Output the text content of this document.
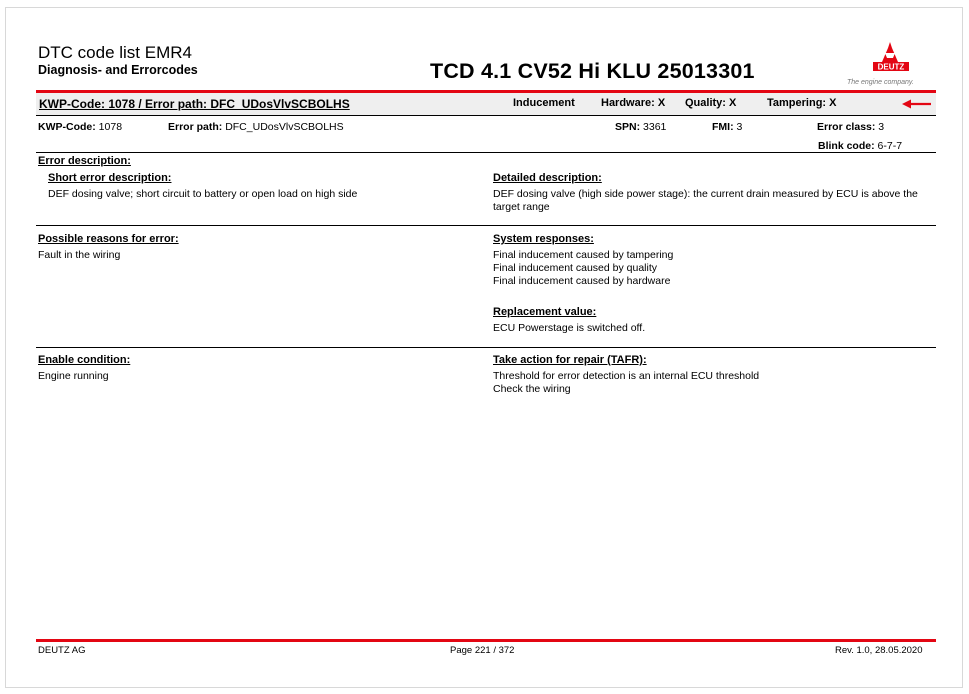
DTC code list EMR4
Diagnosis- and Errorcodes	TCD 4.1 CV52 Hi KLU 25013301	DEUTZ
The engine company.
KWP-Code: 1078 / Error path: DFC_UDosVlvSCBOLHS	Inducement Hardware: X Quality: X	Tampering: X
KWP-Code: 1078	Error path: DFC_UDosVlvSCBOLHS	SPN: 3361	FMI: 3	Error class: 3
Blink code: 6-7-7
Error description:
Short error description:
DEF dosing valve; short circuit to battery or open load on high side
Detailed description:
DEF dosing valve (high side power stage): the current drain measured by ECU is above the target range
Possible reasons for error:
Fault in the wiring
System responses:
Final inducement caused by tampering
Final inducement caused by quality
Final inducement caused by hardware
Replacement value:
ECU Powerstage is switched off.
Enable condition:
Engine running
Take action for repair (TAFR):
Threshold for error detection is an internal ECU threshold
Check the wiring
DEUTZ AG	Page 221 / 372	Rev. 1.0, 28.05.2020
